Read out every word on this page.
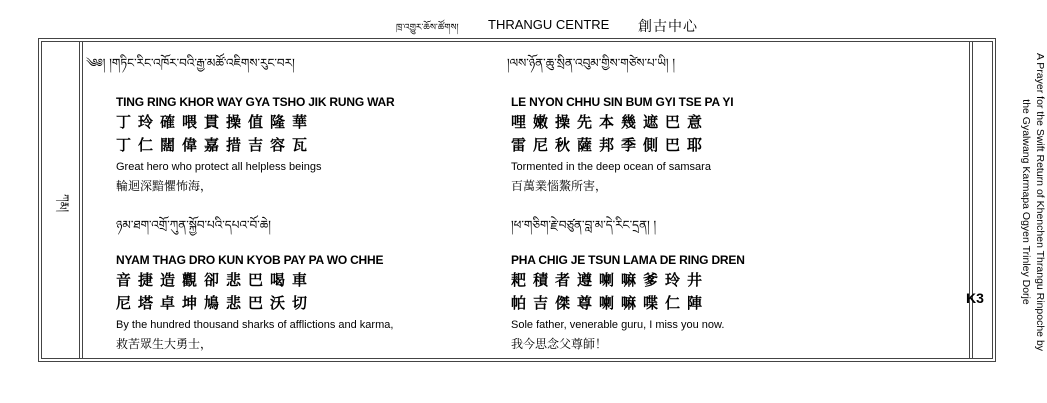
ཁྲ་འགྱུར་ཆོས་ཚོགས། THRANGU CENTRE 創古中心
ཀརྨ།
༄༅། །གཏིང་རིང་འཁོར་བའི་རྒྱ་མཚོ་འཇིགས་རུང་བར།
TING RING KHOR WAY GYA TSHO JIK RUNG WAR
丁玲確喂貫操值隆華
丁仁闊偉嘉措吉容瓦
Great hero who protect all helpless beings
輪迴深黯懼怖海，
།ལས་ཉོན་ཆུ་སྲིན་འབུམ་གྱིས་གཙེས་པ་ཡི། །
LE NYON CHHU SIN BUM GYI TSE PA YI
哩嫩操先本幾遮巴意
雷尼秋薩邦季側巴耶
Tormented in the deep ocean of samsara
百萬業惱鰲所害，
ཉམ་ཐག་འགྲོ་ཀུན་སྐྱོབ་པའི་དཔའ་བོ་ཆེ།
NYAM THAG DRO KUN KYOB PAY PA WO CHHE
音捷造觀卻悲巴喝車
尼塔卓坤鳩悲巴沃切
By the hundred thousand sharks of afflictions and karma,
救苦眾生大勇士，
།ཕ་གཅིག་རྗེ་བཙུན་བླ་མ་དེ་རིང་དྲན། །
PHA CHIG JE TSUN LAMA DE RING DREN
耙積者遵喇嘛爹玲井
帕吉傑尊喇嘛喋仁陣
Sole father, venerable guru, I miss you now.
我今思念父尊師！	A Prayer for the Swift Return of Khenchen Thrangu Rinpoche by the Gyalwang Karmapa Ogyen Trinley Dorje
K3
